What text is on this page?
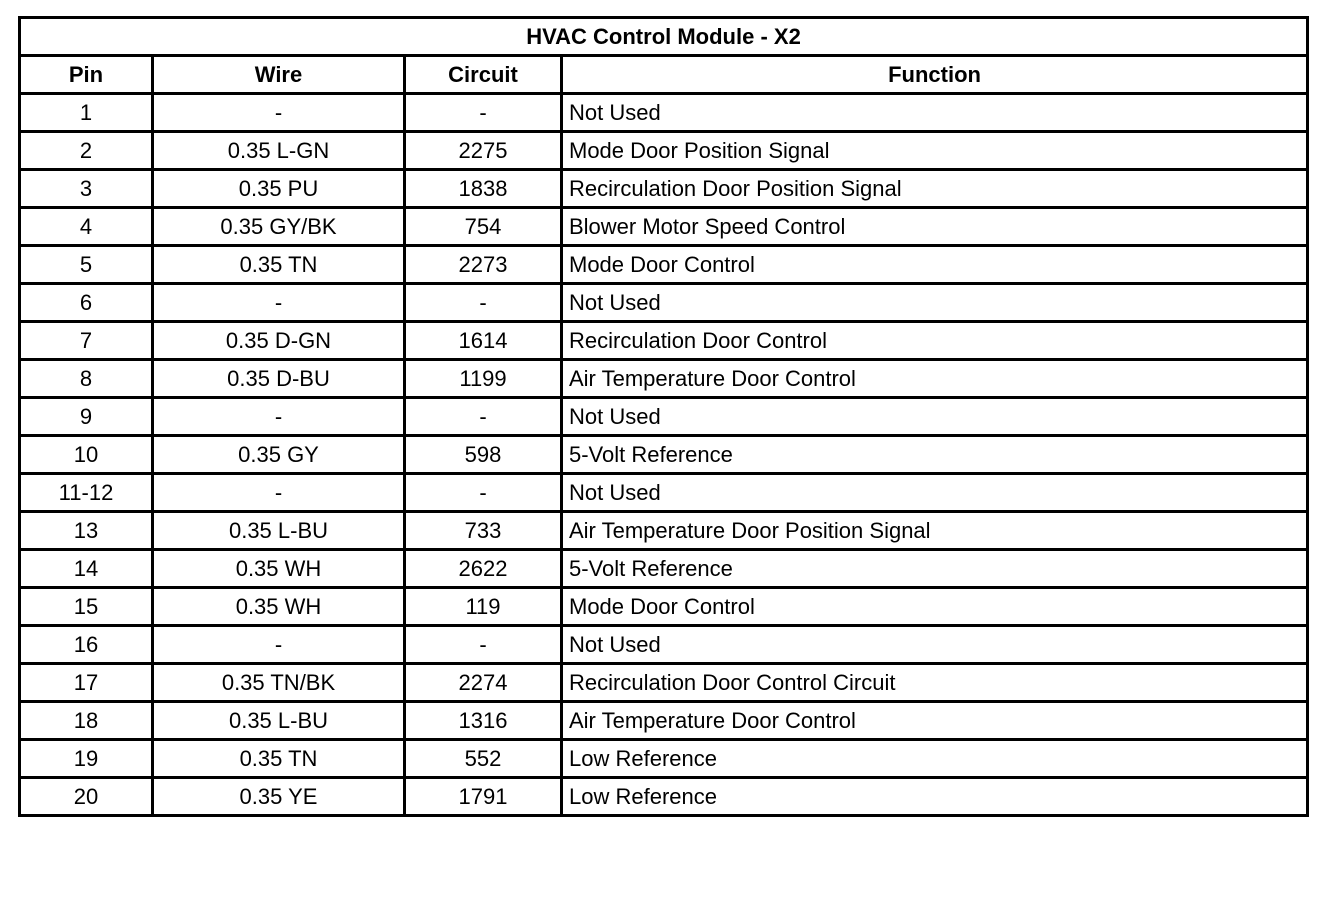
HVAC Control Module - X2			
Pin	Wire	Circuit	Function
1	-	-	Not Used
2	0.35 L-GN	2275	Mode Door Position Signal
3	0.35 PU	1838	Recirculation Door Position Signal
4	0.35 GY/BK	754	Blower Motor Speed Control
5	0.35 TN	2273	Mode Door Control
6	-	-	Not Used
7	0.35 D-GN	1614	Recirculation Door Control
8	0.35 D-BU	1199	Air Temperature Door Control
9	-	-	Not Used
10	0.35 GY	598	5-Volt Reference
11-12	-	-	Not Used
13	0.35 L-BU	733	Air Temperature Door Position Signal
14	0.35 WH	2622	5-Volt Reference
15	0.35 WH	119	Mode Door Control
16	-	-	Not Used
17	0.35 TN/BK	2274	Recirculation Door Control Circuit
18	0.35 L-BU	1316	Air Temperature Door Control
19	0.35 TN	552	Low Reference
20	0.35 YE	1791	Low Reference
